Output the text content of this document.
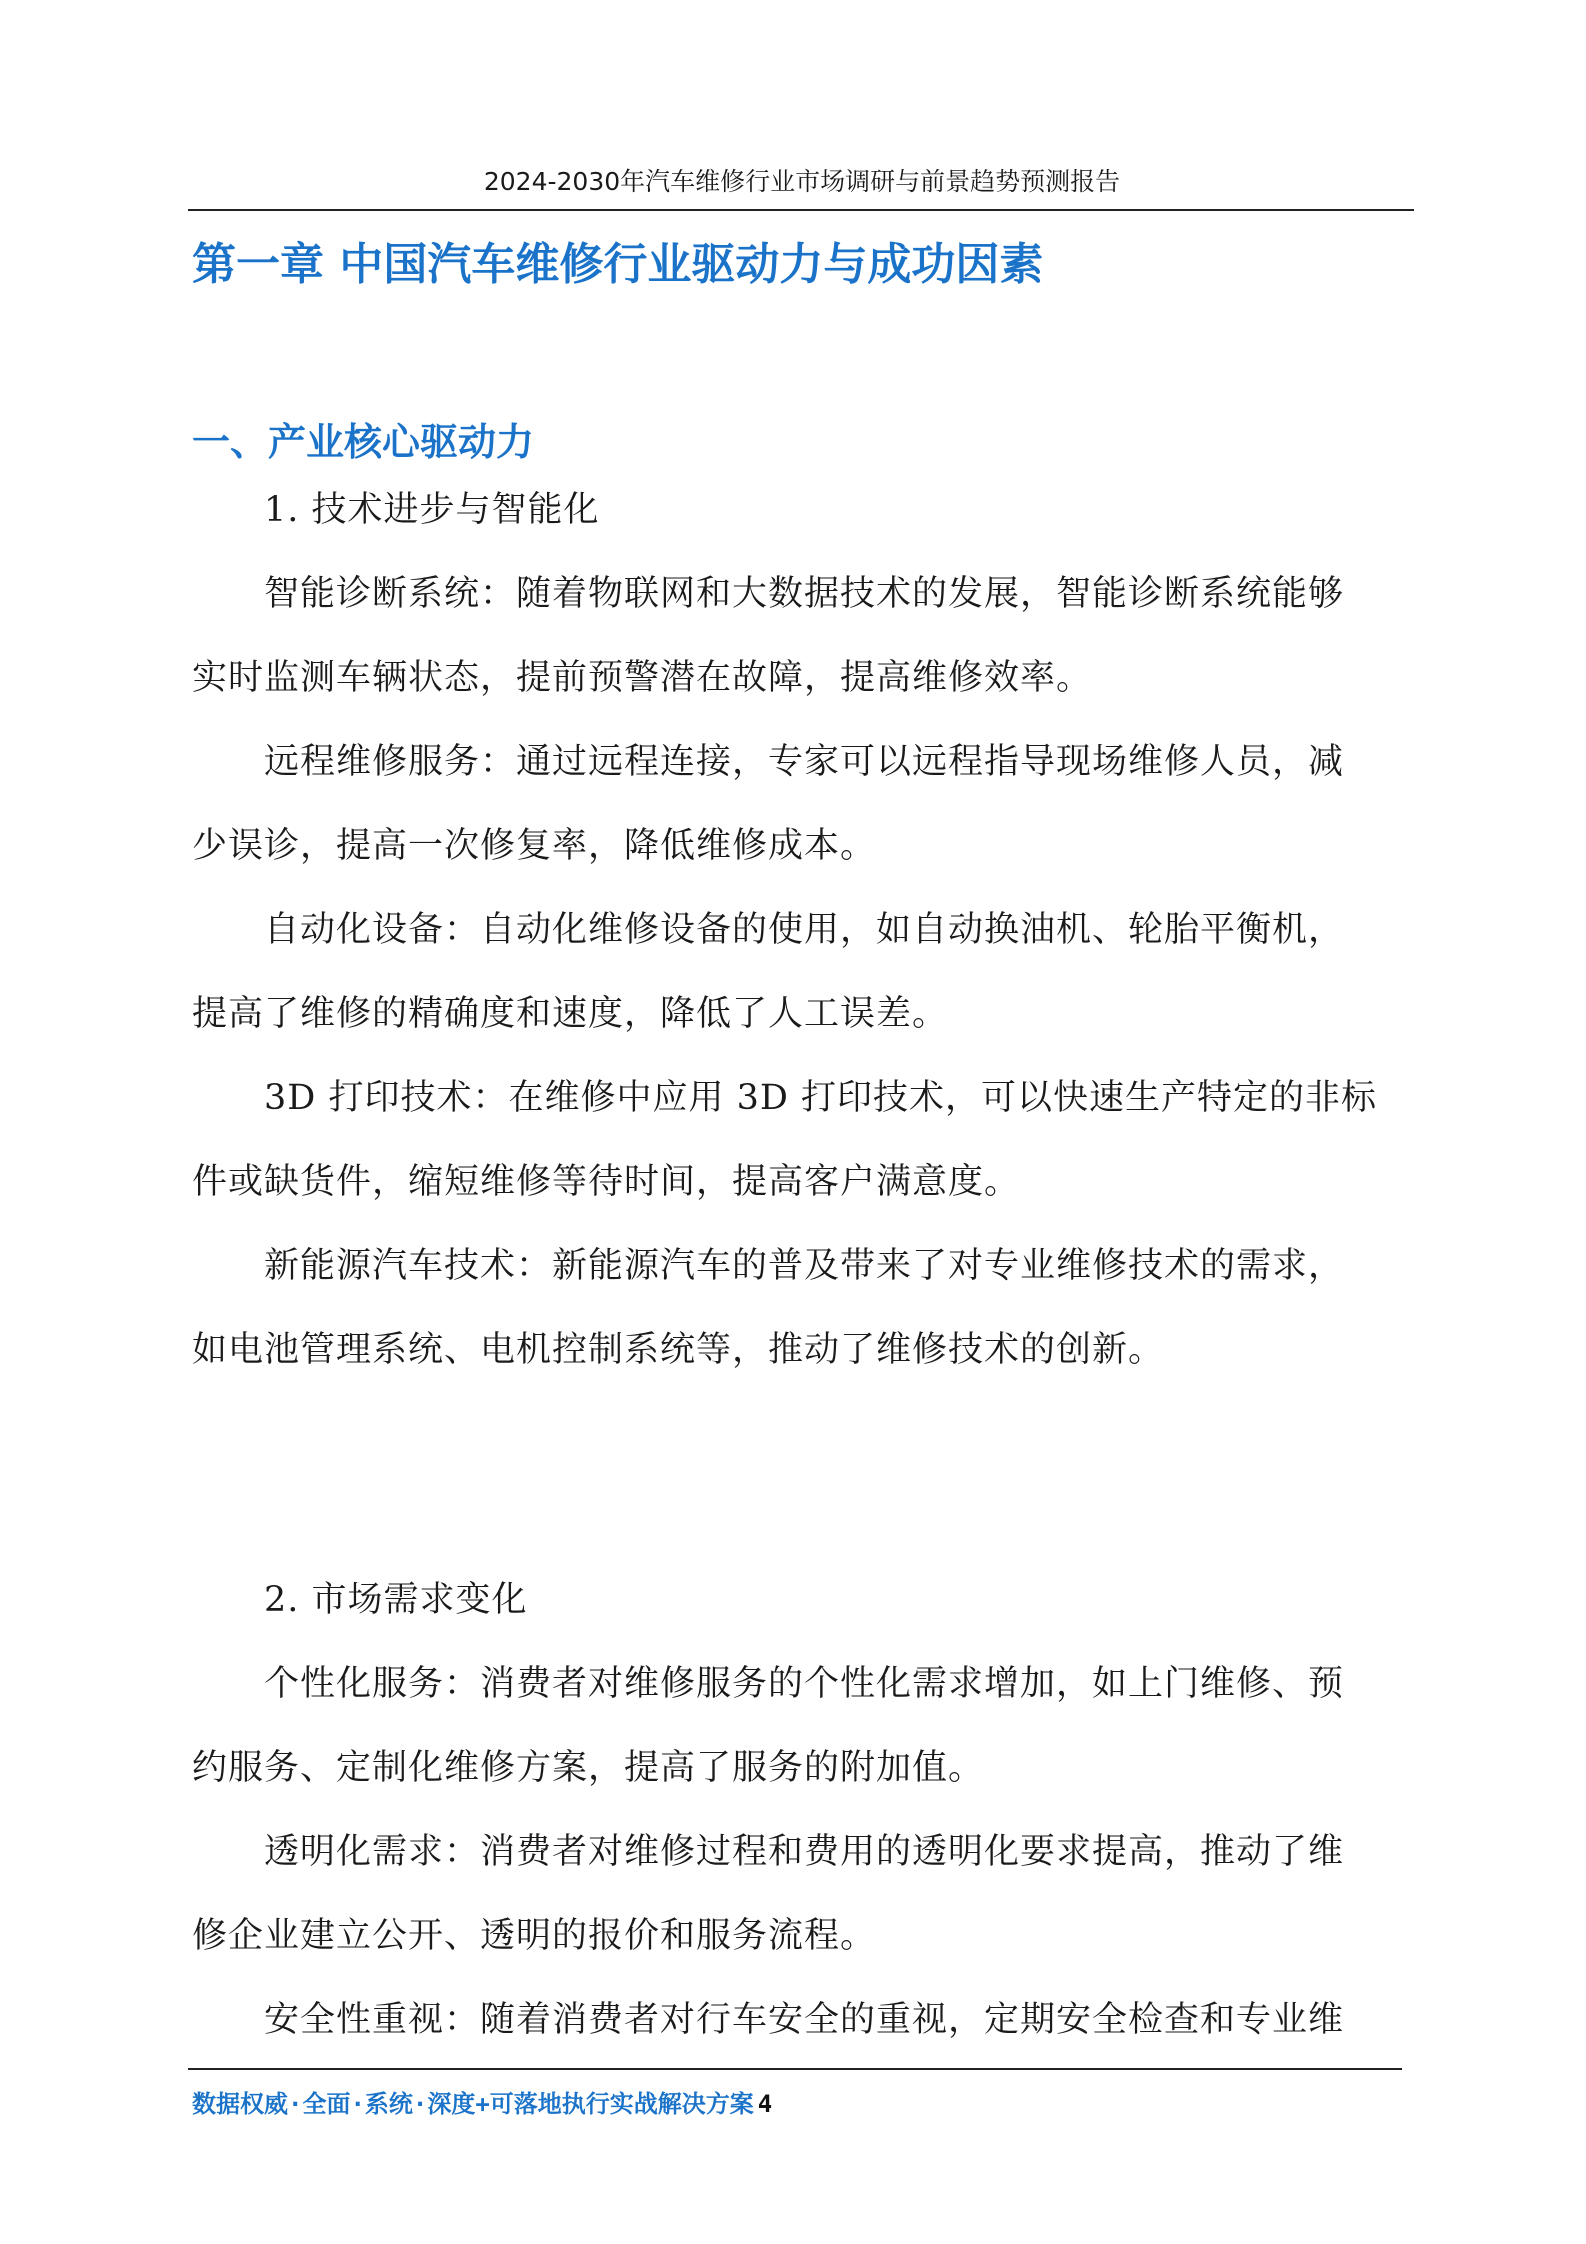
2024-2030年汽车维修行业市场调研与前景趋势预测报告
第一章 中国汽车维修行业驱动力与成功因素
一、产业核心驱动力
1. 技术进步与智能化
智能诊断系统：随着物联网和大数据技术的发展，智能诊断系统能够
实时监测车辆状态，提前预警潜在故障，提高维修效率。
远程维修服务：通过远程连接，专家可以远程指导现场维修人员，减
少误诊，提高一次修复率，降低维修成本。
自动化设备：自动化维修设备的使用，如自动换油机、轮胎平衡机，
提高了维修的精确度和速度，降低了人工误差。
3D 打印技术：在维修中应用 3D 打印技术，可以快速生产特定的非标
件或缺货件，缩短维修等待时间，提高客户满意度。
新能源汽车技术：新能源汽车的普及带来了对专业维修技术的需求，
如电池管理系统、电机控制系统等，推动了维修技术的创新。
2. 市场需求变化
个性化服务：消费者对维修服务的个性化需求增加，如上门维修、预
约服务、定制化维修方案，提高了服务的附加值。
透明化需求：消费者对维修过程和费用的透明化要求提高，推动了维
修企业建立公开、透明的报价和服务流程。
安全性重视：随着消费者对行车安全的重视，定期安全检查和专业维
数据权威·全面·系统·深度+可落地执行实战解决方案 4
